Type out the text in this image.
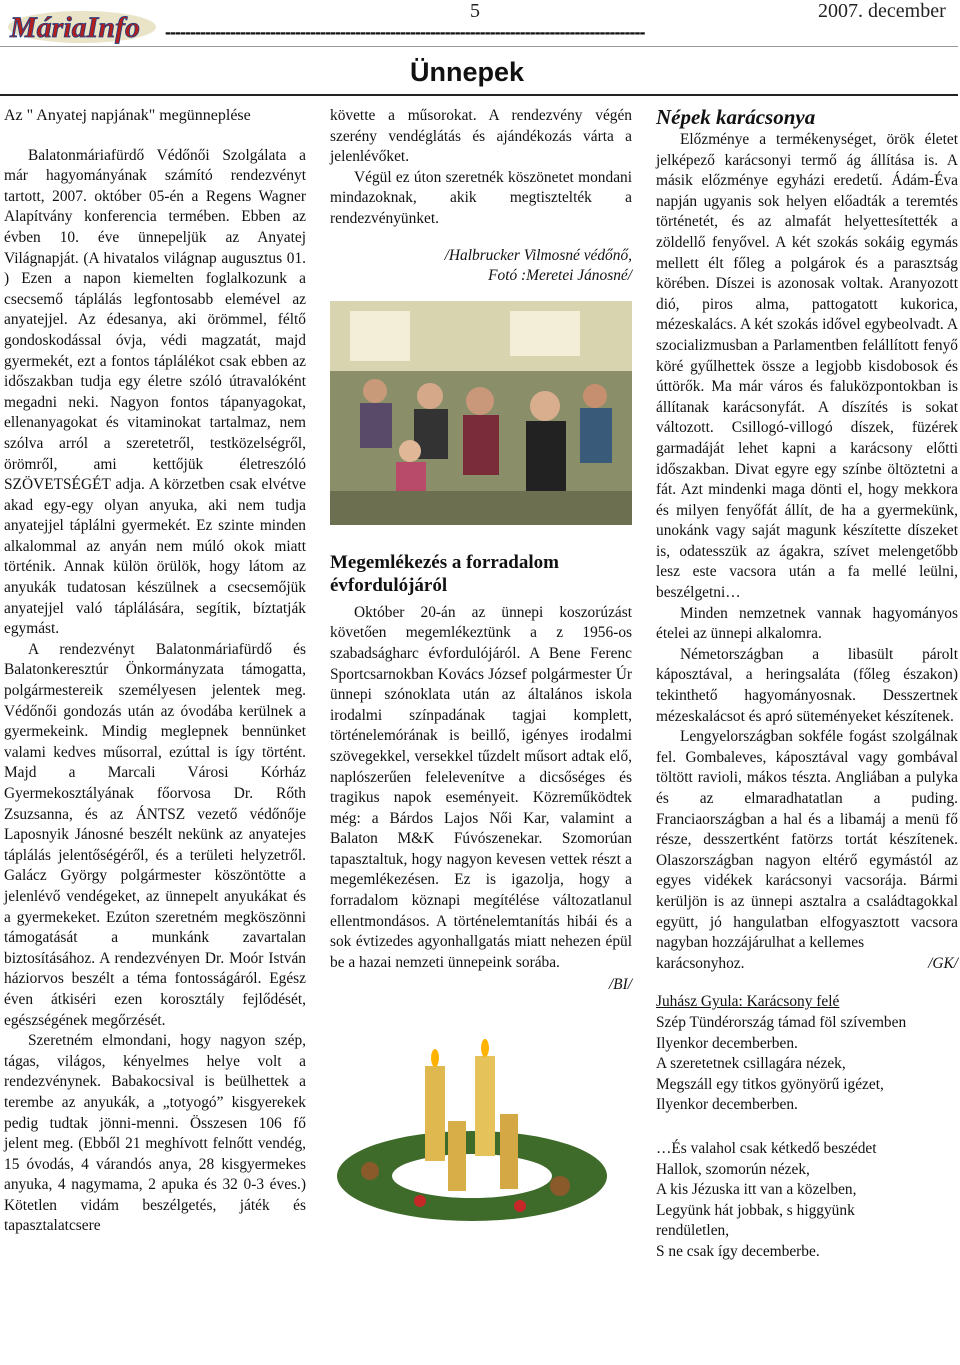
MáriaInfo	5	2007. december
------------------------------------------------------------------------------------------------
Ünnepek

Az " Anyatej napjának" megünneplése

Balatonmáriafürdő Védőnői Szolgálata a már hagyományának számító rendezvényt tartott, 2007. október 05-én a Regens Wagner Alapítvány konferencia termében. Ebben az évben 10. éve ünnepeljük az Anyatej Világnapját. (A hivatalos világnap augusztus 01. ) Ezen a napon kiemelten foglalkozunk a csecsemő táplálás legfontosabb elemével az anyatejjel. Az édesanya, aki örömmel, féltő gondoskodással óvja, védi magzatát, majd gyermekét, ezt a fontos táplálékot csak ebben az időszakban tudja egy életre szóló útravalóként megadni neki. Nagyon fontos tápanyagokat, ellenanyagokat és vitaminokat tartalmaz, nem szólva arról a szeretetről, testközelségről, örömről, ami kettőjük életreszóló SZÖVETSÉGÉT adja. A körzetben csak elvétve akad egy-egy olyan anyuka, aki nem tudja anyatejjel táplálni gyermekét. Ez szinte minden alkalommal az anyán nem múló okok miatt történik. Annak külön örülök, hogy látom az anyukák tudatosan készülnek a csecsemőjük anyatejjel való táplálására, segítik, bíztatják egymást.

A rendezvényt Balatonmáriafürdő és Balatonkeresztúr Önkormányzata támogatta, polgármestereik személyesen jelentek meg. Védőnői gondozás után az óvodába kerülnek a gyermekeink. Mindig meglepnek bennünket valami kedves műsorral, ezúttal is így történt. Majd a Marcali Városi Kórház Gyermekosztályának főorvosa Dr. Rőth Zsuzsanna, és az ÁNTSZ vezető védőnője Laposnyik Jánosné beszélt nekünk az anyatejes táplálás jelentőségéről, és a területi helyzetről. Galácz György polgármester köszöntötte a jelenlévő vendégeket, az ünnepelt anyukákat és a gyermekeket. Ezúton szeretném megköszönni támogatását a munkánk zavartalan biztosításához. A rendezvényen Dr. Moór István háziorvos beszélt a téma fontosságáról. Egész éven átkiséri ezen korosztály fejlődését, egészségének megőrzését.

Szeretném elmondani, hogy nagyon szép, tágas, világos, kényelmes helye volt a rendezvénynek. Babakocsival is beülhettek a terembe az anyukák, a „totyogó” kisgyerekek pedig tudtak jönni-menni. Összesen 106 fő jelent meg. (Ebből 21 meghívott felnőtt vendég, 15 óvodás, 4 várandós anya, 28 kisgyermekes anyuka, 4 nagymama, 2 apuka és 32 0-3 éves.) Kötetlen vidám beszélgetés, játék és tapasztalatcsere

követte a műsorokat. A rendezvény végén szerény vendéglátás és ajándékozás várta a jelenlévőket.

Végül ez úton szeretnék köszönetet mondani mindazoknak, akik megtisztelték a rendezvényünket.

/Halbrucker Vilmosné védőnő,

Fotó :Meretei Jánosné/

Megemlékezés a forradalom évfordulójáról

Október 20-án az ünnepi koszorúzást követően megemlékeztünk a z 1956-os szabadságharc évfordulójáról. A Bene Ferenc Sportcsarnokban Kovács József polgármester Úr ünnepi szónoklata után az általános iskola irodalmi színpadának tagjai komplett, történelemórának is beillő, igényes irodalmi szövegekkel, versekkel tűzdelt műsort adtak elő, naplószerűen felelevenítve a dicsőséges és tragikus napok eseményeit. Közreműködtek még: a Bárdos Lajos Női Kar, valamint a Balaton M&K Fúvószenekar. Szomorúan tapasztaltuk, hogy nagyon kevesen vettek részt a megemlékezésen. Ez is igazolja, hogy a forradalom köznapi megítélése változatlanul ellentmondásos. A történelemtanítás hibái és a sok évtizedes agyonhallgatás miatt nehezen épül be a hazai nemzeti ünnepeink sorába.

/BI/

Népek karácsonya

Előzménye a termékenységet, örök életet jelképező karácsonyi termő ág állítása is. A másik előzménye egyházi eredetű. Ádám-Éva napján ugyanis sok helyen előadták a teremtés történetét, és az almafát helyettesítették a zöldellő fenyővel. A két szokás sokáig egymás mellett élt főleg a polgárok és a parasztság körében. Díszei is azonosak voltak. Aranyozott dió, piros alma, pattogatott kukorica, mézeskalács. A két szokás idővel egybeolvadt. A szocializmusban a Parlamentben felállított fenyő köré gyűlhettek össze a legjobb kisdobosok és úttörők. Ma már város és faluközpontokban is állítanak karácsonyfát. A díszítés is sokat változott. Csillogó-villogó díszek, füzérek garmadáját lehet kapni a karácsony előtti időszakban. Divat egyre egy színbe öltöztetni a fát. Azt mindenki maga dönti el, hogy mekkora és milyen fenyőfát állít, de ha a gyermekünk, unokánk vagy saját magunk készítette díszeket is, odatesszük az ágakra, szívet melengetőbb lesz este vacsora után a fa mellé leülni, beszélgetni…

Minden nemzetnek vannak hagyományos ételei az ünnepi alkalomra.

Németországban a libasült párolt káposztával, a heringsaláta (főleg északon) tekinthető hagyományosnak. Desszertnek mézeskalácsot és apró süteményeket készítenek.

Lengyelországban sokféle fogást szolgálnak fel. Gombaleves, káposztával vagy gombával töltött ravioli, mákos tészta. Angliában a pulyka és az elmaradhatatlan a puding. Franciaországban a hal és a libamáj a menü fő része, desszertként fatörzs tortát készítenek. Olaszországban nagyon eltérő egymástól az egyes vidékek karácsonyi vacsorája. Bármi kerüljön is az ünnepi asztalra a családtagokkal együtt, jó hangulatban elfogyasztott vacsora nagyban hozzájárulhat a kellemes

karácsonyhoz.	/GK/

Juhász Gyula: Karácsony felé

Szép Tündérország támad föl szívemben
Ilyenkor decemberben.
A szeretetnek csillagára nézek,
Megszáll egy titkos gyönyörű igézet,
Ilyenkor decemberben.
…És valahol csak kétkedő beszédet
Hallok, szomorún nézek,
A kis Jézuska itt van a közelben,
Legyünk hát jobbak, s higgyünk
rendületlen,
S ne csak így decemberbe.
